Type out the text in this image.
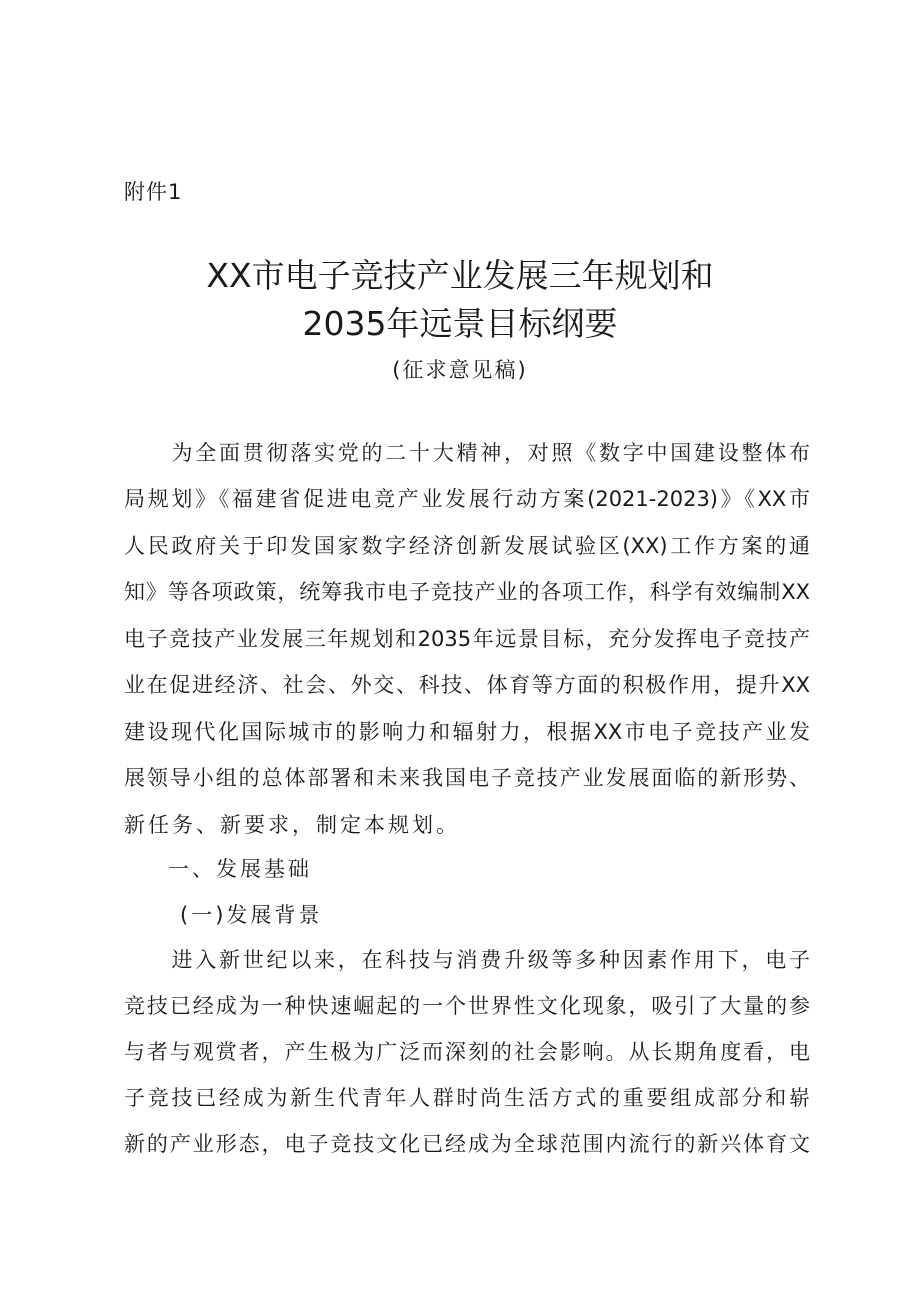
附件1
XX市电子竞技产业发展三年规划和
2035年远景目标纲要
(征求意见稿)
　　为全面贯彻落实党的二十大精神，对照《数字中国建设整体布
局规划》《福建省促进电竞产业发展行动方案(2021-2023)》《XX市
人民政府关于印发国家数字经济创新发展试验区(XX)工作方案的通
知》等各项政策，统筹我市电子竞技产业的各项工作，科学有效编制XX
电子竞技产业发展三年规划和2035年远景目标，充分发挥电子竞技产
业在促进经济、社会、外交、科技、体育等方面的积极作用，提升XX
建设现代化国际城市的影响力和辐射力，根据XX市电子竞技产业发
展领导小组的总体部署和未来我国电子竞技产业发展面临的新形势、
新任务、新要求，制定本规划。
一、发展基础
(一)发展背景
　　进入新世纪以来，在科技与消费升级等多种因素作用下，电子
竞技已经成为一种快速崛起的一个世界性文化现象，吸引了大量的参
与者与观赏者，产生极为广泛而深刻的社会影响。从长期角度看，电
子竞技已经成为新生代青年人群时尚生活方式的重要组成部分和崭
新的产业形态，电子竞技文化已经成为全球范围内流行的新兴体育文
